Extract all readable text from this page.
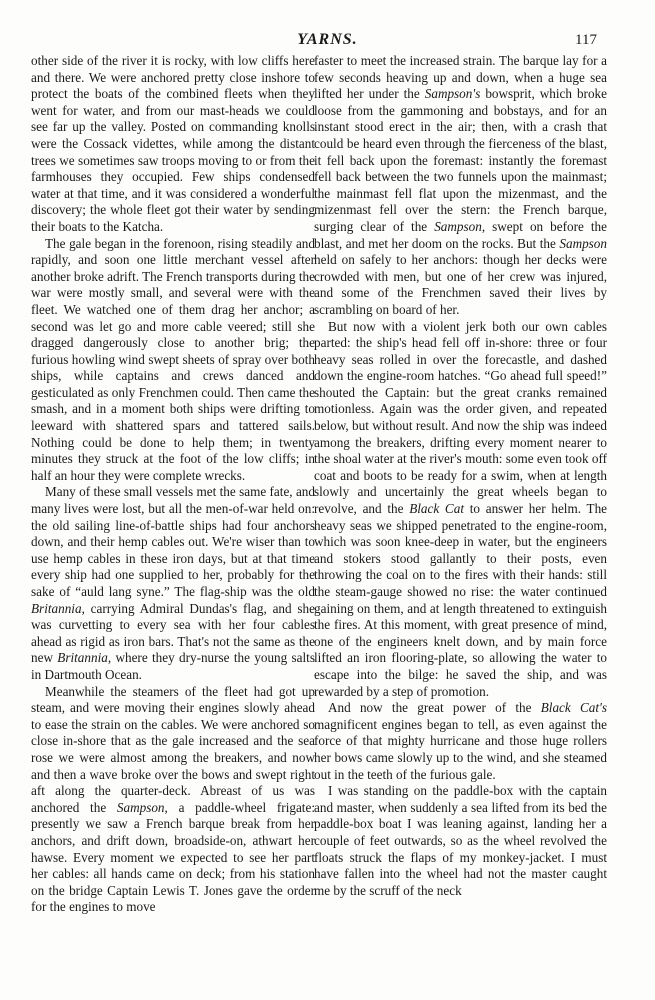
YARNS.	117

other side of the river it is rocky, with low cliffs here and there. We were anchored pretty close inshore to protect the boats of the combined fleets when they went for water, and from our mast-heads we could see far up the valley. Posted on commanding knolls were the Cossack videttes, while among the distant trees we sometimes saw troops moving to or from the farmhouses they occupied. Few ships condensed water at that time, and it was considered a wonderful discovery; the whole fleet got their water by sending their boats to the Katcha.

The gale began in the forenoon, rising steadily and rapidly, and soon one little merchant vessel after another broke adrift. The French transports during the war were mostly small, and several were with the fleet. We watched one of them drag her anchor; a second was let go and more cable veered; still she dragged dangerously close to another brig; the furious howling wind swept sheets of spray over both ships, while captains and crews danced and gesticulated as only Frenchmen could. Then came the smash, and in a moment both ships were drifting to leeward with shattered spars and tattered sails. Nothing could be done to help them; in twenty minutes they struck at the foot of the low cliffs; in half an hour they were complete wrecks.

Many of these small vessels met the same fate, and many lives were lost, but all the men-of-war held on: the old sailing line-of-battle ships had four anchors down, and their hemp cables out. We're wiser than to use hemp cables in these iron days, but at that time every ship had one supplied to her, probably for the sake of “auld lang syne.” The flag-ship was the old Britannia, carrying Admiral Dundas's flag, and she was curvetting to every sea with her four cables ahead as rigid as iron bars. That's not the same as the new Britannia, where they dry-nurse the young salts in Dartmouth Ocean.

Meanwhile the steamers of the fleet had got up steam, and were moving their engines slowly ahead to ease the strain on the cables. We were anchored so close in-shore that as the gale increased and the sea rose we were almost among the breakers, and now and then a wave broke over the bows and swept right aft along the quarter-deck. Abreast of us was anchored the Sampson, a paddle-wheel frigate: presently we saw a French barque break from her anchors, and drift down, broadside-on, athwart her hawse. Every moment we expected to see her part her cables: all hands came on deck; from his station on the bridge Captain Lewis T. Jones gave the order for the engines to move

faster to meet the increased strain. The barque lay for a few seconds heaving up and down, when a huge sea lifted her under the Sampson's bowsprit, which broke loose from the gammoning and bobstays, and for an instant stood erect in the air; then, with a crash that could be heard even through the fierceness of the blast, it fell back upon the foremast: instantly the foremast fell back between the two funnels upon the mainmast; the mainmast fell flat upon the mizenmast, and the mizenmast fell over the stern: the French barque, surging clear of the Sampson, swept on before the blast, and met her doom on the rocks. But the Sampson held on safely to her anchors: though her decks were crowded with men, but one of her crew was injured, and some of the Frenchmen saved their lives by scrambling on board of her.

But now with a violent jerk both our own cables parted: the ship's head fell off in-shore: three or four heavy seas rolled in over the forecastle, and dashed down the engine-room hatches. “Go ahead full speed!” shouted the Captain: but the great cranks remained motionless. Again was the order given, and repeated below, but without result. And now the ship was indeed among the breakers, drifting every moment nearer to the shoal water at the river's mouth: some even took off coat and boots to be ready for a swim, when at length slowly and uncertainly the great wheels began to revolve, and the Black Cat to answer her helm. The heavy seas we shipped penetrated to the engine-room, which was soon knee-deep in water, but the engineers and stokers stood gallantly to their posts, even throwing the coal on to the fires with their hands: still the steam-gauge showed no rise: the water continued gaining on them, and at length threatened to extinguish the fires. At this moment, with great presence of mind, one of the engineers knelt down, and by main force lifted an iron flooring-plate, so allowing the water to escape into the bilge: he saved the ship, and was rewarded by a step of promotion.

And now the great power of the Black Cat's magnificent engines began to tell, as even against the force of that mighty hurricane and those huge rollers her bows came slowly up to the wind, and she steamed out in the teeth of the furious gale.

I was standing on the paddle-box with the captain and master, when suddenly a sea lifted from its bed the paddle-box boat I was leaning against, landing her a couple of feet outwards, so as the wheel revolved the floats struck the flaps of my monkey-jacket. I must have fallen into the wheel had not the master caught me by the scruff of the neck
